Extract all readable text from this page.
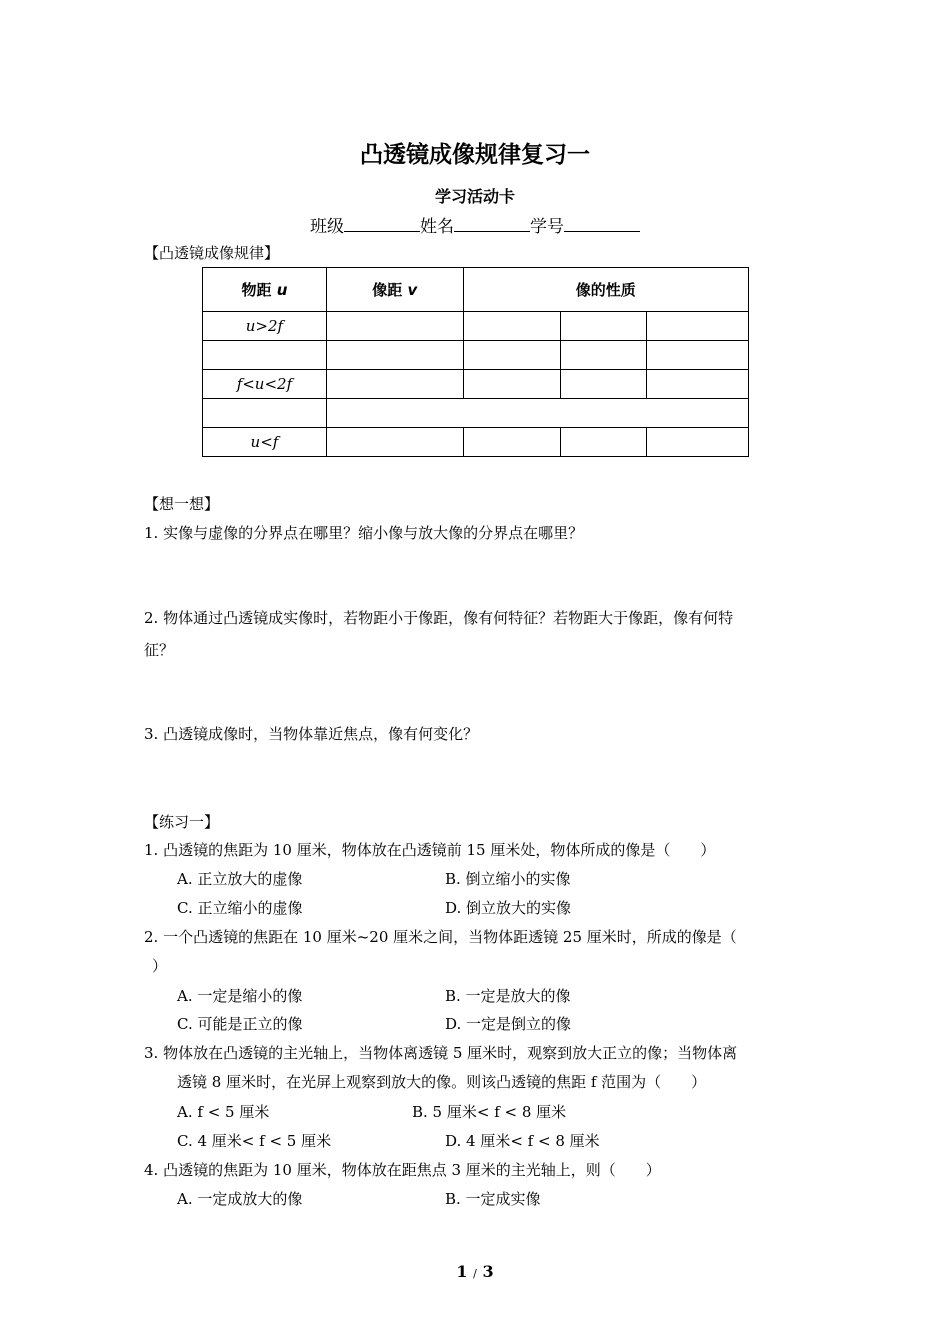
凸透镜成像规律复习一
学习活动卡
班级	姓名	学号
【凸透镜成像规律】
物距 u	像距 v	像的性质		
u>2f				

f<u<2f				

u<f				
【想一想】
1. 实像与虚像的分界点在哪里？缩小像与放大像的分界点在哪里？
2. 物体通过凸透镜成实像时，若物距小于像距，像有何特征？若物距大于像距，像有何特
征？
3. 凸透镜成像时，当物体靠近焦点，像有何变化？
【练习一】
1. 凸透镜的焦距为 10 厘米，物体放在凸透镜前 15 厘米处，物体所成的像是（　　）
A. 正立放大的虚像	B. 倒立缩小的实像
C. 正立缩小的虚像	D. 倒立放大的实像
2. 一个凸透镜的焦距在 10 厘米~20 厘米之间，当物体距透镜 25 厘米时，所成的像是（
）
A. 一定是缩小的像	B. 一定是放大的像
C. 可能是正立的像	D. 一定是倒立的像
3. 物体放在凸透镜的主光轴上，当物体离透镜 5 厘米时，观察到放大正立的像；当物体离
透镜 8 厘米时，在光屏上观察到放大的像。则该凸透镜的焦距 f 范围为（　　）
A. f < 5 厘米	B. 5 厘米< f < 8 厘米
C. 4 厘米< f < 5 厘米	D. 4 厘米< f < 8 厘米
4. 凸透镜的焦距为 10 厘米，物体放在距焦点 3 厘米的主光轴上，则（　　）
A. 一定成放大的像	B. 一定成实像
1 / 3
